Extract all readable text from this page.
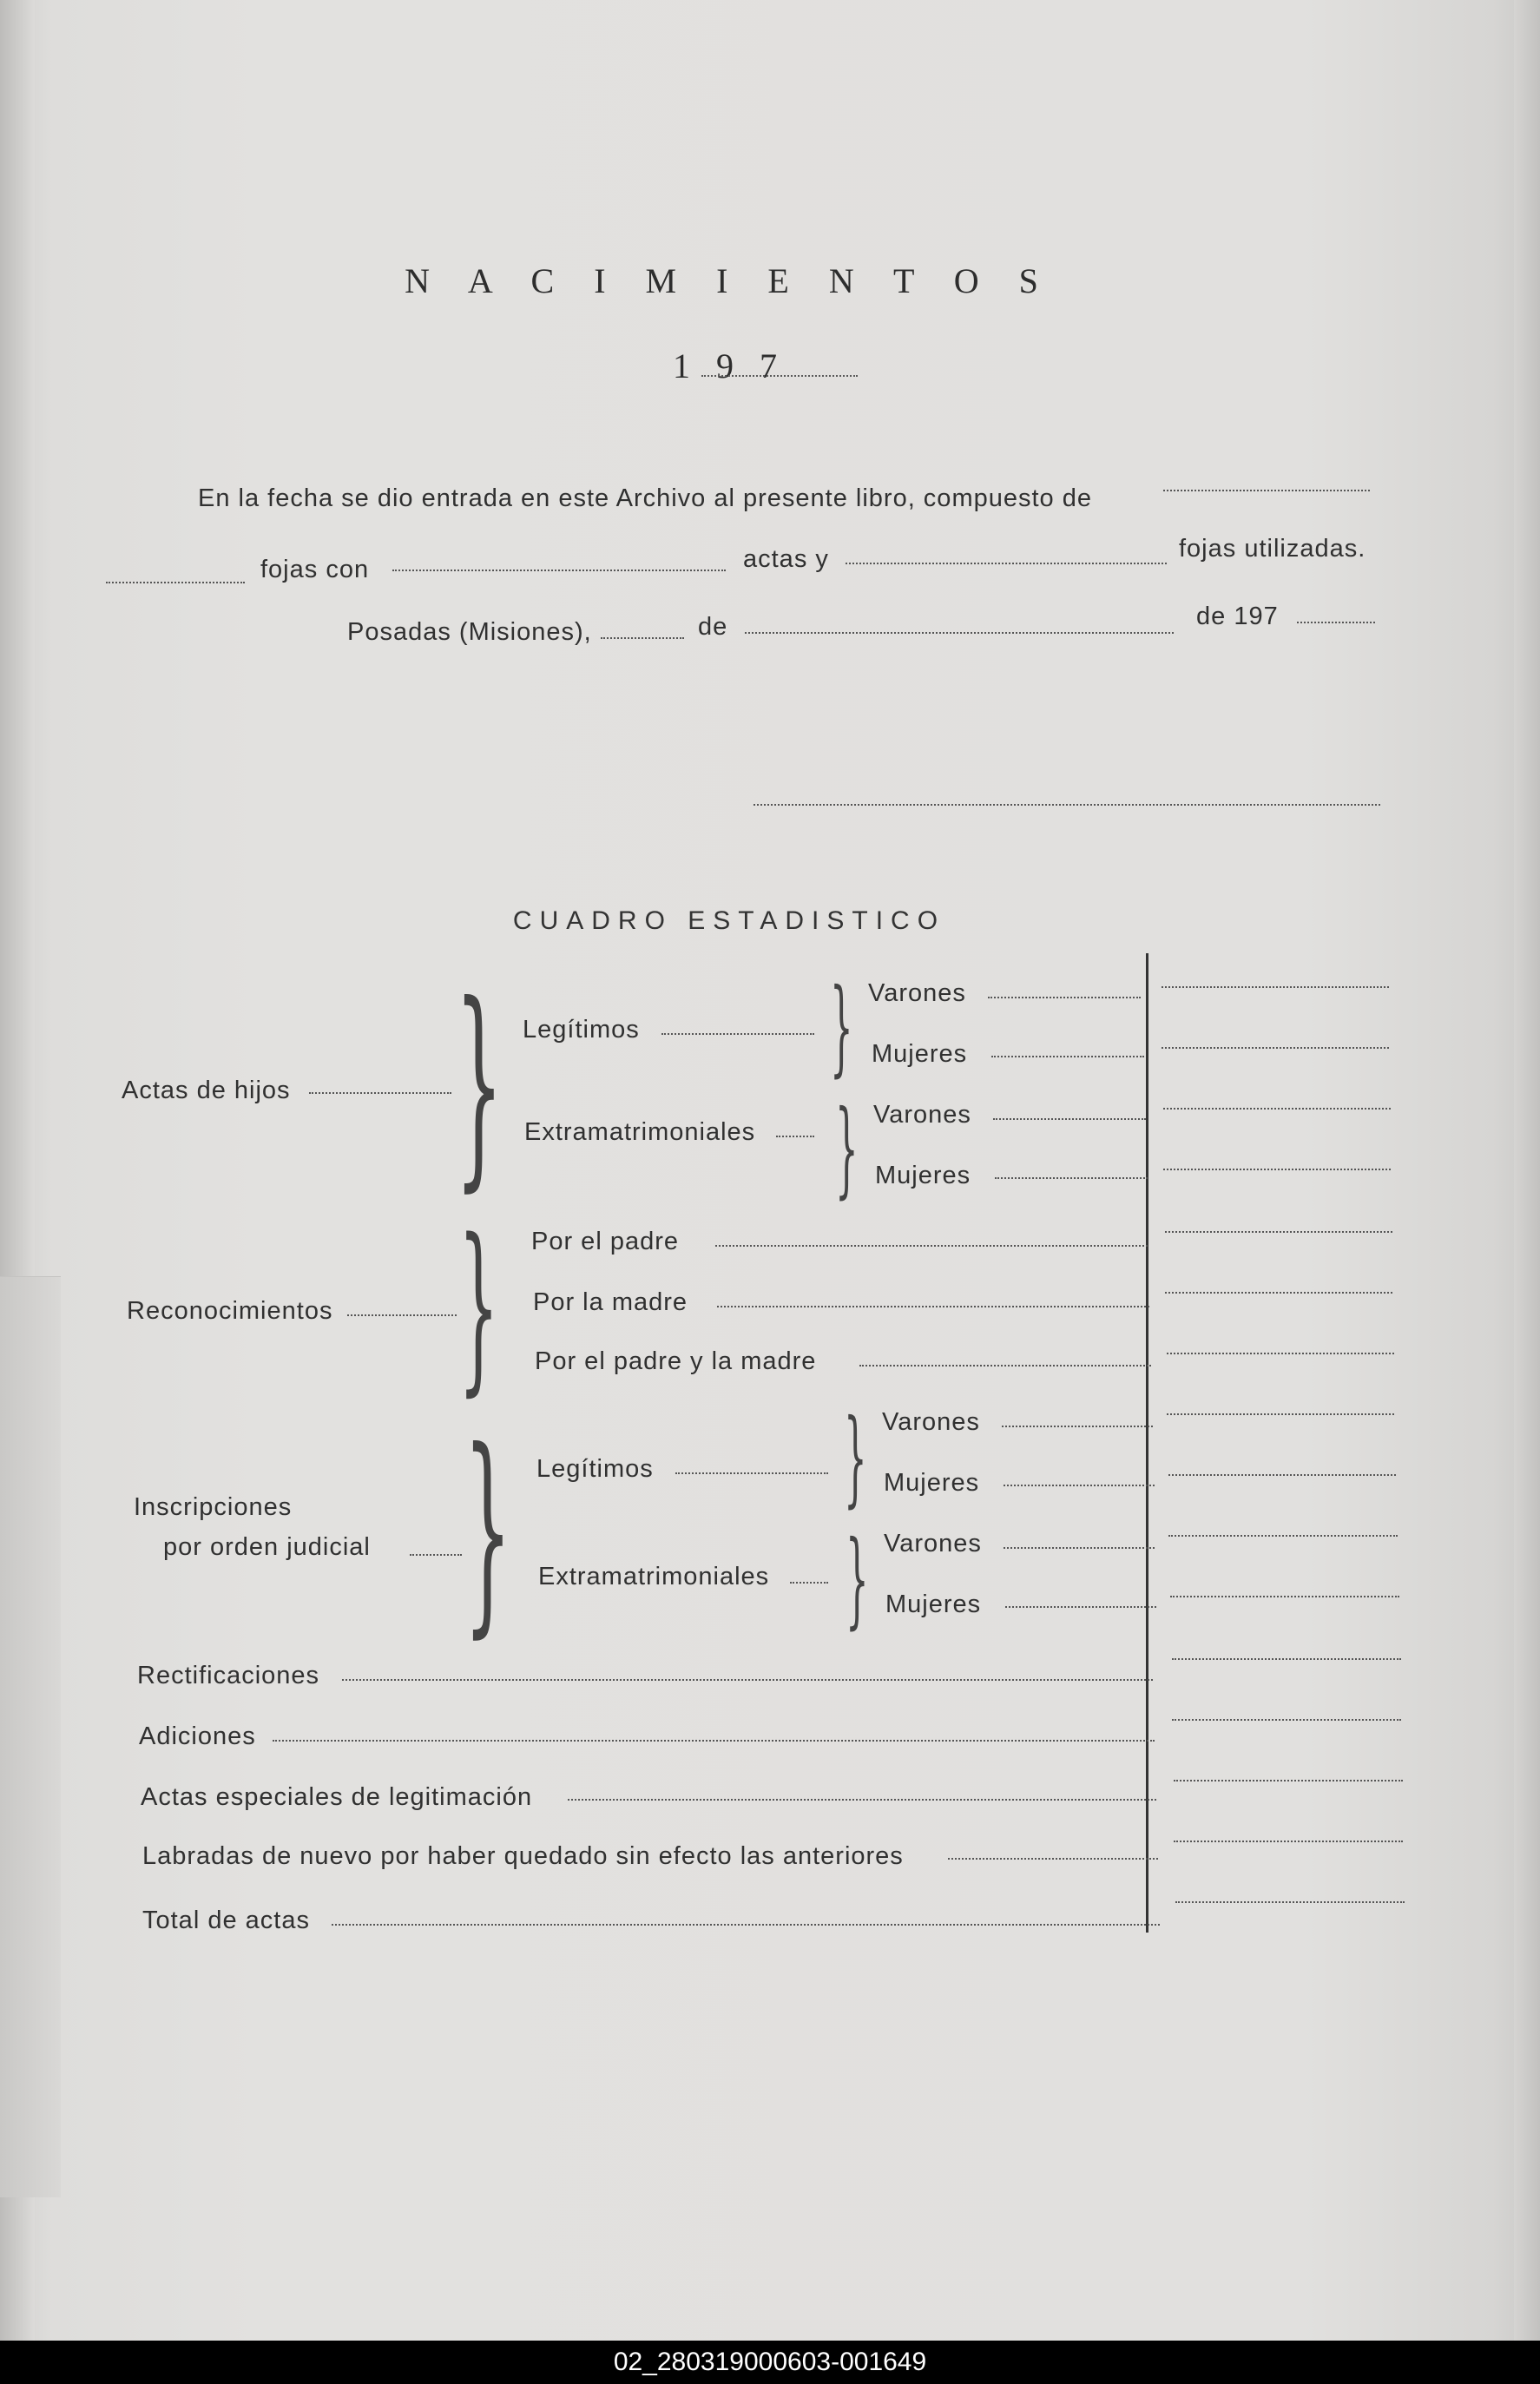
N A C I M I E N T O S
1 9 7
En la fecha se dio entrada en este Archivo al presente libro, compuesto de
fojas con	actas y	fojas utilizadas.
Posadas (Misiones),	de	de 197
CUADRO ESTADISTICO
Actas de hijos } Legítimos } Varones
Mujeres
Extramatrimoniales } Varones
Mujeres
Reconocimientos } Por el padre
Por la madre
Por el padre y la madre
Inscripciones
por orden judicial } Legítimos } Varones
Mujeres
Extramatrimoniales } Varones
Mujeres
Rectificaciones
Adiciones
Actas especiales de legitimación
Labradas de nuevo por haber quedado sin efecto las anteriores
Total de actas
02_280319000603-001649
